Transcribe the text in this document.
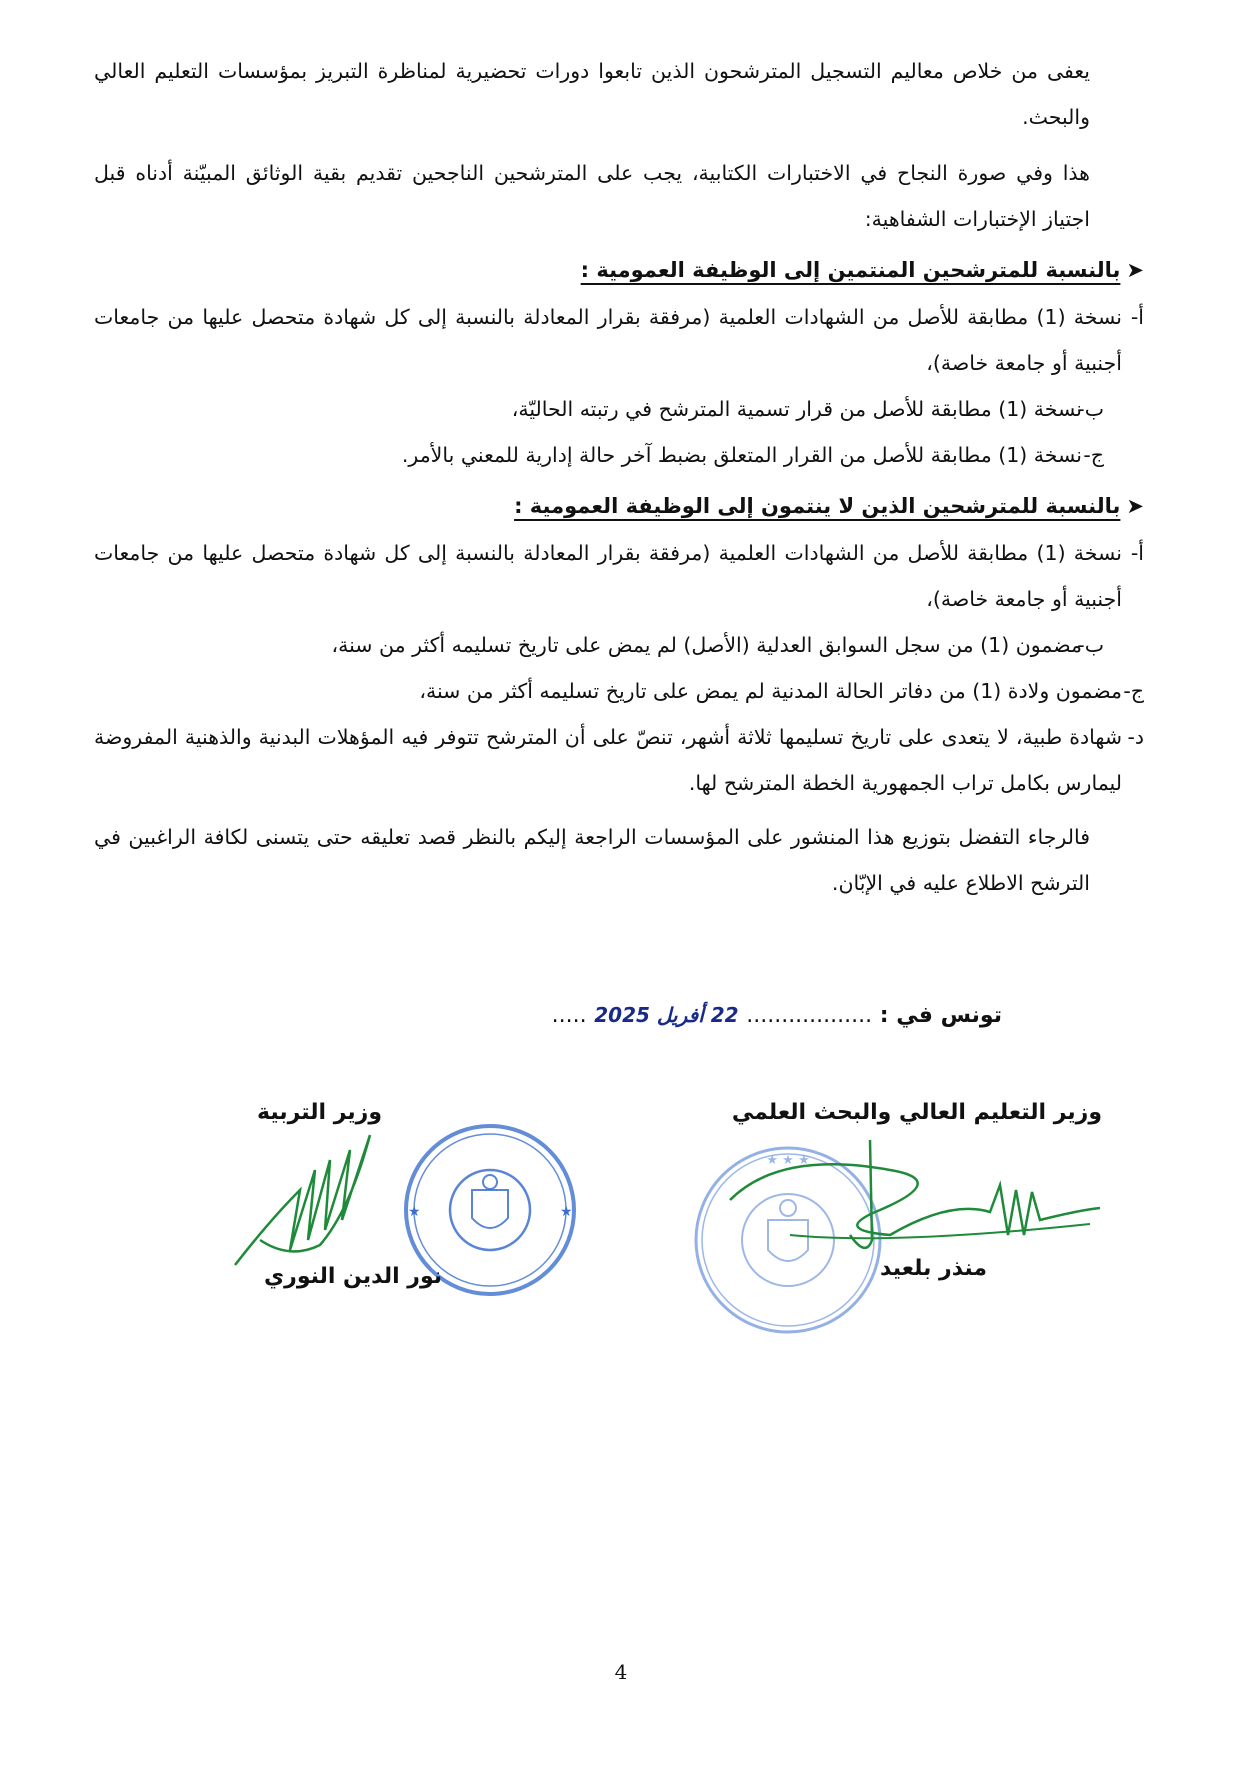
يعفى من خلاص معاليم التسجيل المترشحون الذين تابعوا دورات تحضيرية لمناظرة التبريز بمؤسسات التعليم العالي والبحث.

هذا وفي صورة النجاح في الاختبارات الكتابية، يجب على المترشحين الناجحين تقديم بقية الوثائق المبيّنة أدناه قبل اجتياز الإختبارات الشفاهية:

➤بالنسبة للمترشحين المنتمين إلى الوظيفة العمومية :

أ-
نسخة (1) مطابقة للأصل من الشهادات العلمية (مرفقة بقرار المعادلة بالنسبة إلى كل شهادة متحصل عليها من جامعات أجنبية أو جامعة خاصة)،
ب-
نسخة (1) مطابقة للأصل من قرار تسمية المترشح في رتبته الحاليّة،
ج-
نسخة (1) مطابقة للأصل من القرار المتعلق بضبط آخر حالة إدارية للمعني بالأمر.

➤بالنسبة للمترشحين الذين لا ينتمون إلى الوظيفة العمومية :

أ-
نسخة (1) مطابقة للأصل من الشهادات العلمية (مرفقة بقرار المعادلة بالنسبة إلى كل شهادة متحصل عليها من جامعات أجنبية أو جامعة خاصة)،
ب-
مضمون (1) من سجل السوابق العدلية (الأصل) لم يمض على تاريخ تسليمه أكثر من سنة،
ج-
مضمون ولادة (1) من دفاتر الحالة المدنية لم يمض على تاريخ تسليمه أكثر من سنة،
د-
شهادة طبية، لا يتعدى على تاريخ تسليمها ثلاثة أشهر، تنصّ على أن المترشح تتوفر فيه المؤهلات البدنية والذهنية المفروضة ليمارس بكامل تراب الجمهورية الخطة المترشح لها.

فالرجاء التفضل بتوزيع هذا المنشور على المؤسسات الراجعة إليكم بالنظر قصد تعليقه حتى يتسنى لكافة الراغبين في الترشح الاطلاع عليه في الإبّان.

تونس في : .................. 22 أفريل 2025 .....
وزير التعليم العالي والبحث العلمي
وزير التربية
★ ★ ★
★	★
منذر بلعيد
نور الدين النوري
4
